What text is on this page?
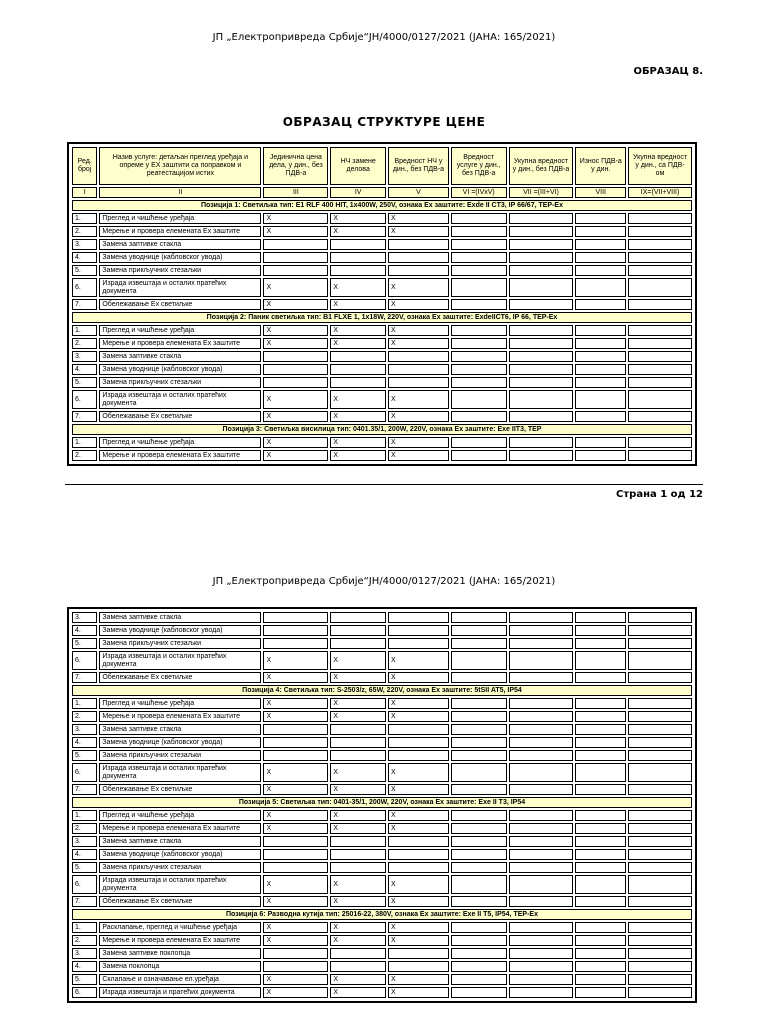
ЈП „Електропривреда Србије“ЈН/4000/0127/2021 (ЈАНА: 165/2021)
ОБРАЗАЦ 8.
ОБРАЗАЦ СТРУКТУРЕ ЦЕНЕ
Ред. број	Назив услуге: детаљан преглед уређаја и опреме у ЕХ заштити са поправком и реатестацијом истих	Јединична цена дела, у дин., без ПДВ-а	НЧ замене делова	Вредност НЧ у дин., без ПДВ-а	Вредност услуге у дин., без ПДВ-а	Укупна вредност у дин., без ПДВ-а	Износ ПДВ-а у дин.	Укупна вредност у дин., са ПДВ-ом
I	II	III	IV	V	VI =(IVxV)	VII =(III+VI)	VIII	IX=(VII+VIII)
Позиција 1: Светиљка тип: E1 RLF 400 HIT, 1х400W, 250V, ознака Ex заштите: Exde II CT3, IP 66/67, TEP-Ex								
1.	Преглед и чишћење уређаја	X	X	X				
2.	Мерење и провера елемената Ex заштите	X	X	X				
3.	Замена заптивке стакла							
4.	Замена уводнице (кабловског увода)							
5.	Замена прикључних стезаљки							
6.	Израда извештаја и осталих пратећих документа	X	X	X				
7.	Обележавање Ex светиљке	X	X	X				
Позиција 2: Паник светиљка тип: B1 FLXE 1, 1х18W, 220V, ознака Ex заштите: ExdeIICT6, IP 66, TEP-Ex								
1.	Преглед и чишћење уређаја	X	X	X				
2.	Мерење и провера елемената Ex заштите	X	X	X				
3.	Замена заптивке стакла							
4.	Замена уводнице (кабловског увода)							
5.	Замена прикључних стезаљки							
6.	Израда извештаја и осталих пратећих документа	X	X	X				
7.	Обележавање Ex светиљке	X	X	X				
Позиција 3: Светиљка висилица тип: 0401.35/1, 200W, 220V, ознака Ex заштите: Exe IIT3, TEP								
1.	Преглед и чишћење уређаја	X	X	X				
2.	Мерење и провера елемената Ex заштите	X	X	X				
Страна 1 од 12
ЈП „Електропривреда Србије“ЈН/4000/0127/2021 (ЈАНА: 165/2021)
3.	Замена заптивке стакла							
4.	Замена уводнице (кабловског увода)							
5.	Замена прикључних стезаљки							
6.	Израда извештаја и осталих пратећих документа	X	X	X				
7.	Обележавање Ex светиљке	X	X	X				
Позиција 4: Светиљка тип: S-2503/z, 65W, 220V, ознака Ex заштите: 5tSII AT5, IP54								
1.	Преглед и чишћење уређаја	X	X	X				
2.	Мерење и провера елемената Ex заштите	X	X	X				
3.	Замена заптивке стакла							
4.	Замена уводнице (кабловског увода)							
5.	Замена прикључних стезаљки							
6.	Израда извештаја и осталих пратећих документа	X	X	X				
7.	Обележавање Ex светиљке	X	X	X				
Позиција 5: Светиљка тип: 0401-35/1, 200W, 220V, ознака Ex заштите: Exe II T3, IP54								
1.	Преглед и чишћење уређаја	X	X	X				
2.	Мерење и провера елемената Ex заштите	X	X	X				
3.	Замена заптивке стакла							
4.	Замена уводнице (кабловског увода)							
5.	Замена прикључних стезаљки							
6.	Израда извештаја и осталих пратећих документа	X	X	X				
7.	Обележавање Ex светиљке	X	X	X				
Позиција 6: Разводна кутија тип: 25016-22, 380V, ознака Ex заштите: Exe II T5, IP54, TEP-Ex								
1.	Расклапање, преглед и чишћење уређаја	X	X	X				
2.	Мерење и провера елемената Ex заштите	X	X	X				
3.	Замена заптивке поклопца							
4.	Замена поклопца							
5.	Склапање и означавање ел.уређаја	X	X	X				
6.	Израда извештаја и пратећих документа	X	X	X				
